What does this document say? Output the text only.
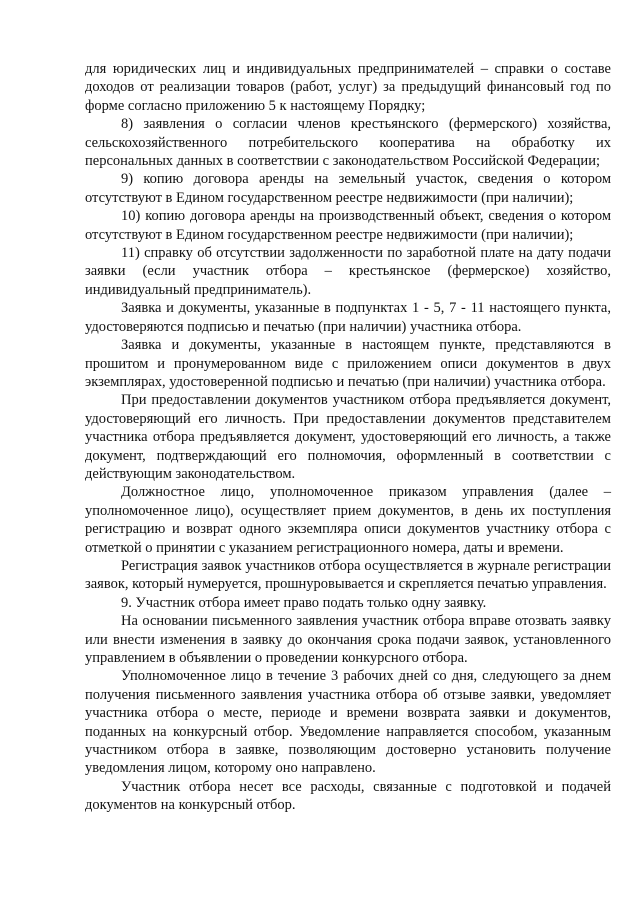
для юридических лиц и индивидуальных предпринимателей – справки о составе доходов от реализации товаров (работ, услуг) за предыдущий финансовый год по форме согласно приложению 5 к настоящему Порядку;

8) заявления о согласии членов крестьянского (фермерского) хозяйства, сельскохозяйственного потребительского кооператива на обработку их персональных данных в соответствии с законодательством Российской Федерации;

9) копию договора аренды на земельный участок, сведения о котором отсутствуют в Едином государственном реестре недвижимости (при наличии);

10) копию договора аренды на производственный объект, сведения о котором отсутствуют в Едином государственном реестре недвижимости (при наличии);

11) справку об отсутствии задолженности по заработной плате на дату подачи заявки (если участник отбора – крестьянское (фермерское) хозяйство, индивидуальный предприниматель).

Заявка и документы, указанные в подпунктах 1 - 5, 7 - 11 настоящего пункта, удостоверяются подписью и печатью (при наличии) участника отбора.

Заявка и документы, указанные в настоящем пункте, представляются в прошитом и пронумерованном виде с приложением описи документов в двух экземплярах, удостоверенной подписью и печатью (при наличии) участника отбора.

При предоставлении документов участником отбора предъявляется документ, удостоверяющий его личность. При предоставлении документов представителем участника отбора предъявляется документ, удостоверяющий его личность, а также документ, подтверждающий его полномочия, оформленный в соответствии с действующим законодательством.

Должностное лицо, уполномоченное приказом управления (далее – уполномоченное лицо), осуществляет прием документов, в день их поступления регистрацию и возврат одного экземпляра описи документов участнику отбора с отметкой о принятии с указанием регистрационного номера, даты и времени.

Регистрация заявок участников отбора осуществляется в журнале регистрации заявок, который нумеруется, прошнуровывается и скрепляется печатью управления.

9. Участник отбора имеет право подать только одну заявку.

На основании письменного заявления участник отбора вправе отозвать заявку или внести изменения в заявку до окончания срока подачи заявок, установленного управлением в объявлении о проведении конкурсного отбора.

Уполномоченное лицо в течение 3 рабочих дней со дня, следующего за днем получения письменного заявления участника отбора об отзыве заявки, уведомляет участника отбора о месте, периоде и времени возврата заявки и документов, поданных на конкурсный отбор. Уведомление направляется способом, указанным участником отбора в заявке, позволяющим достоверно установить получение уведомления лицом, которому оно направлено.

Участник отбора несет все расходы, связанные с подготовкой и подачей документов на конкурсный отбор.
